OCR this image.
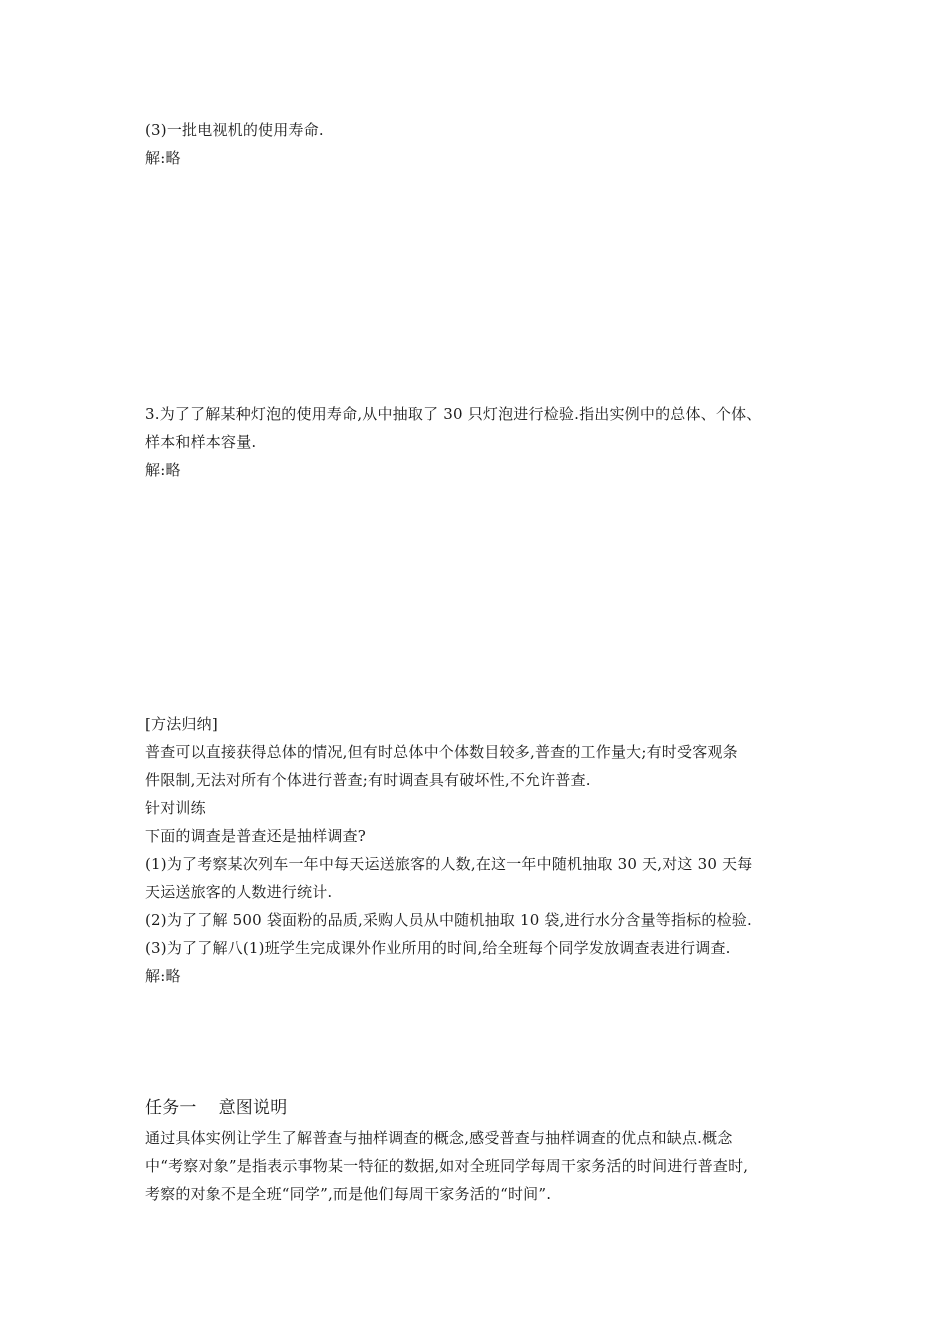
(3)一批电视机的使用寿命.
解:略
3.为了了解某种灯泡的使用寿命,从中抽取了 30 只灯泡进行检验.指出实例中的总体、个体、
样本和样本容量.
解:略
[方法归纳]
普查可以直接获得总体的情况,但有时总体中个体数目较多,普查的工作量大;有时受客观条
件限制,无法对所有个体进行普查;有时调查具有破坏性,不允许普查.
针对训练
下面的调查是普查还是抽样调查?
(1)为了考察某次列车一年中每天运送旅客的人数,在这一年中随机抽取 30 天,对这 30 天每
天运送旅客的人数进行统计.
(2)为了了解 500 袋面粉的品质,采购人员从中随机抽取 10 袋,进行水分含量等指标的检验.
(3)为了了解八(1)班学生完成课外作业所用的时间,给全班每个同学发放调查表进行调查.
解:略
任务一 意图说明
通过具体实例让学生了解普查与抽样调查的概念,感受普查与抽样调查的优点和缺点.概念
中“考察对象”是指表示事物某一特征的数据,如对全班同学每周干家务活的时间进行普查时,
考察的对象不是全班“同学”,而是他们每周干家务活的“时间”.
